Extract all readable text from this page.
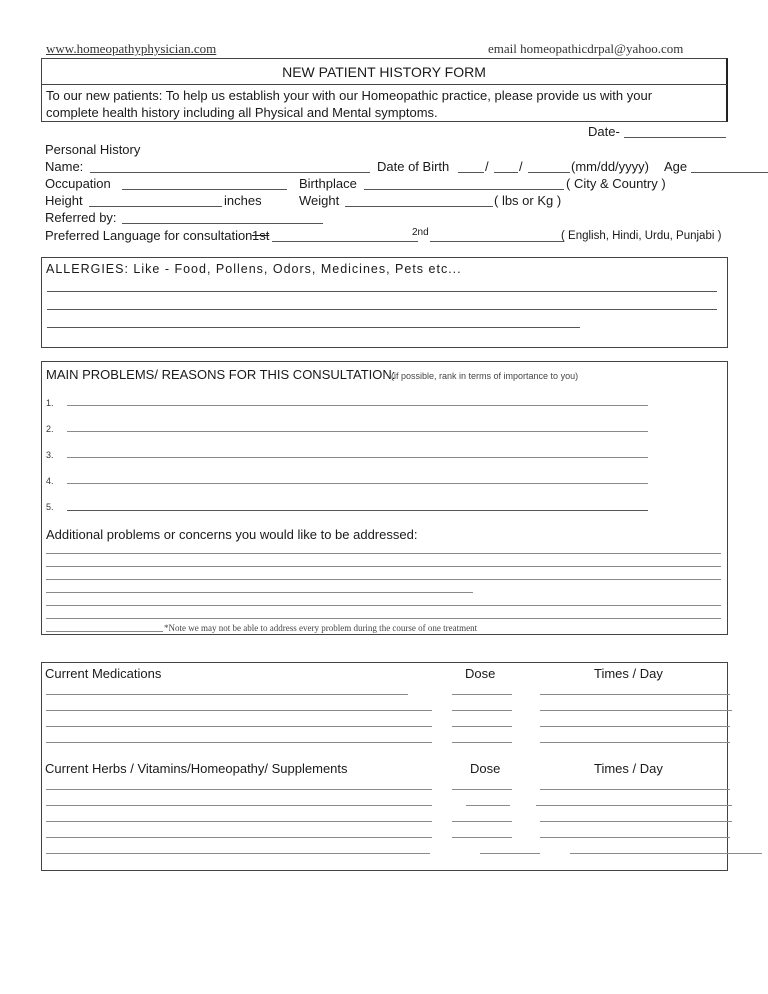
www.homeopathyphysician.com	email homeopathicdrpal@yahoo.com
NEW PATIENT HISTORY FORM
To our new patients: To help us establish your with our Homeopathic practice, please provide us with your
complete health history including all Physical and Mental symptoms.
Date-
Personal History
Name:	Date of Birth	/ /	(mm/dd/yyyy) Age
Occupation	Birthplace	( City & Country )
Height	inches	Weight	( lbs or Kg )
Referred by:
Preferred Language for consultation 1st	2nd	( English, Hindi, Urdu, Punjabi )
ALLERGIES: Like - Food, Pollens, Odors, Medicines, Pets etc...
MAIN PROBLEMS/ REASONS FOR THIS CONSULTATION:
(if possible, rank in terms of importance to you)
1.
2.
3.
4.
5.
Additional problems or concerns you would like to be addressed:
*Note we may not be able to address every problem during the course of one treatment
Current Medications	Dose	Times / Day
Current Herbs / Vitamins/Homeopathy/ Supplements	Dose	Times / Day
